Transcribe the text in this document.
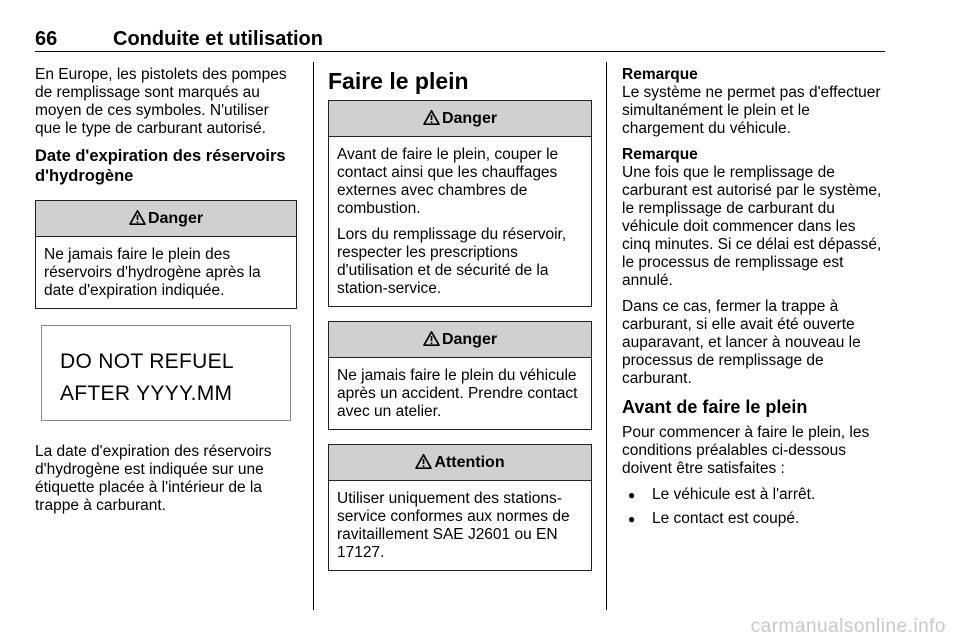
66	Conduite et utilisation

En Europe, les pistolets des pompes de remplissage sont marqués au moyen de ces symboles. N'utiliser que le type de carburant autorisé.

Date d'expiration des réservoirs d'hydrogène
Danger

Ne jamais faire le plein des réservoirs d'hydrogène après la date d'expiration indiquée.

DO NOT REFUEL
AFTER YYYY.MM

La date d'expiration des réservoirs d'hydrogène est indiquée sur une étiquette placée à l'intérieur de la trappe à carburant.

Faire le plein
Danger

Avant de faire le plein, couper le contact ainsi que les chauffages externes avec chambres de combustion.

Lors du remplissage du réservoir, respecter les prescriptions d'utilisation et de sécurité de la station-service.

Danger

Ne jamais faire le plein du véhicule après un accident. Prendre contact avec un atelier.

Attention

Utiliser uniquement des stations-service conformes aux normes de ravitaillement SAE J2601 ou EN 17127.

Remarque
Le système ne permet pas d'effectuer simultanément le plein et le chargement du véhicule.
Remarque
Une fois que le remplissage de carburant est autorisé par le système, le remplissage de carburant du véhicule doit commencer dans les cinq minutes. Si ce délai est dépassé, le processus de remplissage est annulé.

Dans ce cas, fermer la trappe à carburant, si elle avait été ouverte auparavant, et lancer à nouveau le processus de remplissage de carburant.

Avant de faire le plein

Pour commencer à faire le plein, les conditions préalables ci-dessous doivent être satisfaites :

●	Le véhicule est à l'arrêt.
●	Le contact est coupé.
carmanualsonline.info
